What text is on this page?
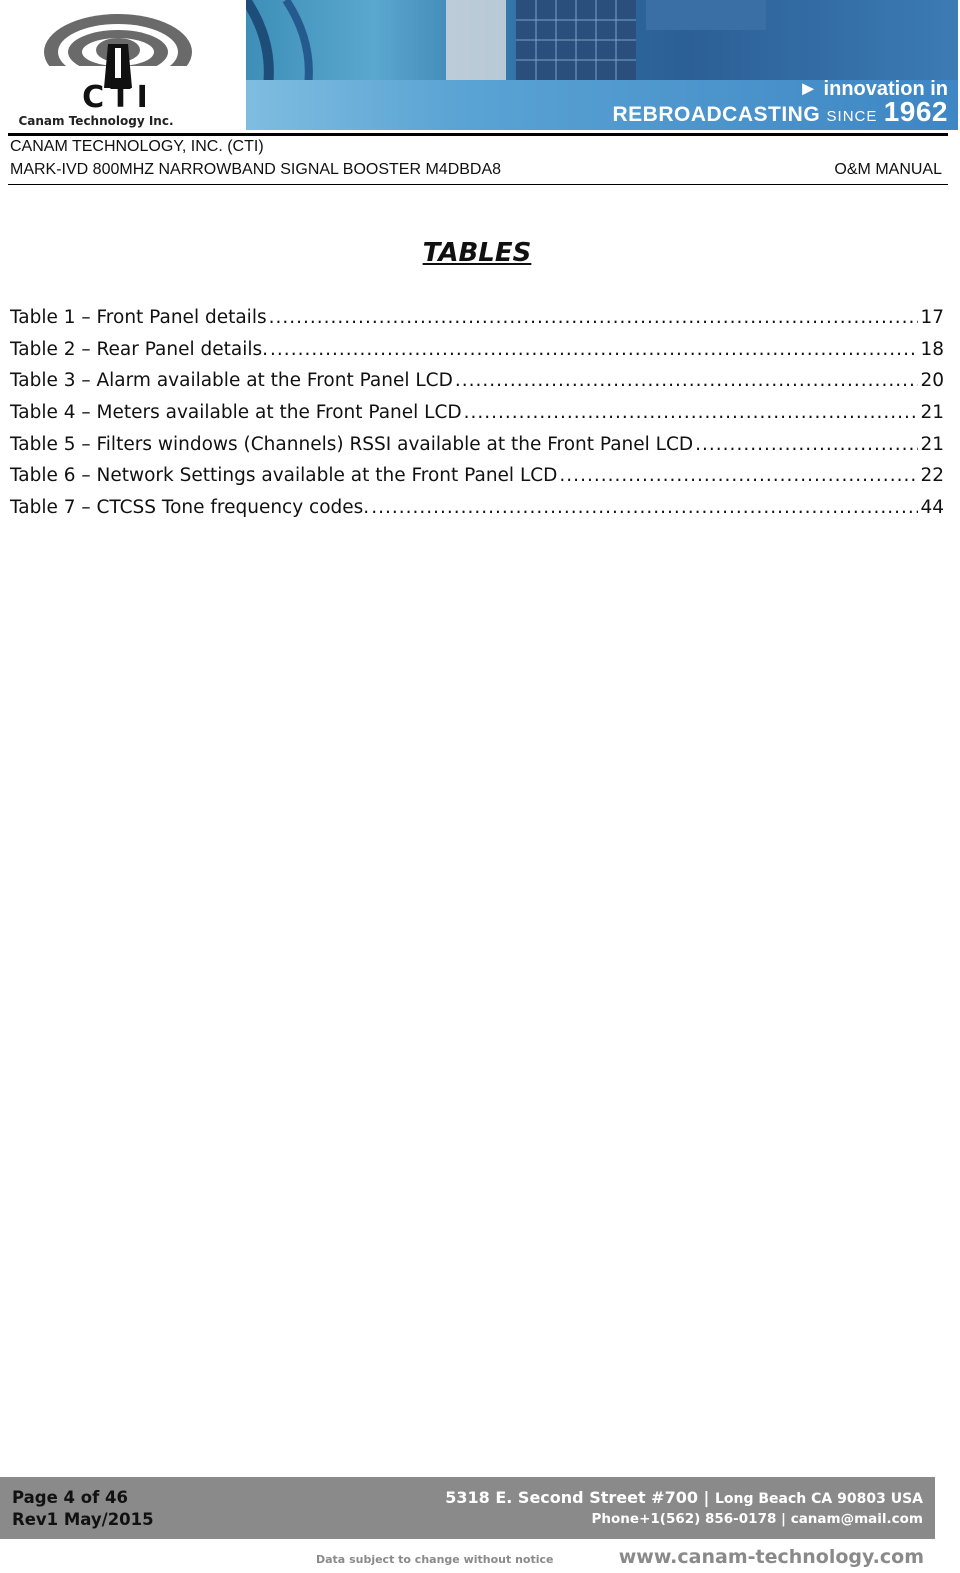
CTI
Canam Technology Inc.
► innovation in
REBROADCASTING SINCE 1962
CANAM TECHNOLOGY, INC. (CTI)
MARK-IVD 800MHZ NARROWBAND SIGNAL BOOSTER M4DBDA8	O&M MANUAL
TABLES
Table 1 – Front Panel details .....	17
Table 2 – Rear Panel details. .....	18
Table 3 – Alarm available at the Front Panel LCD .....	20
Table 4 – Meters available at the Front Panel LCD .....	21
Table 5 – Filters windows (Channels) RSSI available at the Front Panel LCD .....	21
Table 6 – Network Settings available at the Front Panel LCD .....	22
Table 7 – CTCSS Tone frequency codes. .....	44
Page 4 of 46
Rev1 May/2015
5318 E. Second Street #700 | Long Beach CA 90803 USA
Phone+1(562) 856-0178 | canam@mail.com
Data subject to change without notice	www.canam-technology.com
